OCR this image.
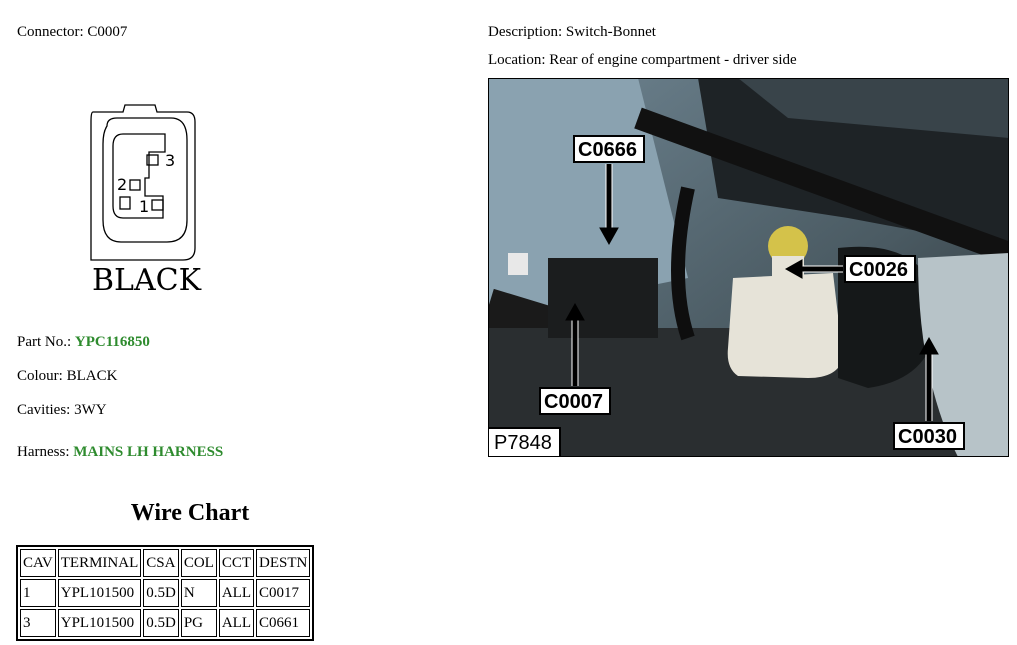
Connector: C0007
3
2
1
BLACK
Part No.: YPC116850
Colour: BLACK
Cavities: 3WY
Harness: MAINS LH HARNESS
Wire Chart
CAV	TERMINAL	CSA	COL	CCT	DESTN
1	YPL101500	0.5D	N	ALL	C0017
3	YPL101500	0.5D	PG	ALL	C0661
Description: Switch-Bonnet
Location: Rear of engine compartment - driver side
C0666
C0026
C0007
C0030
P7848
